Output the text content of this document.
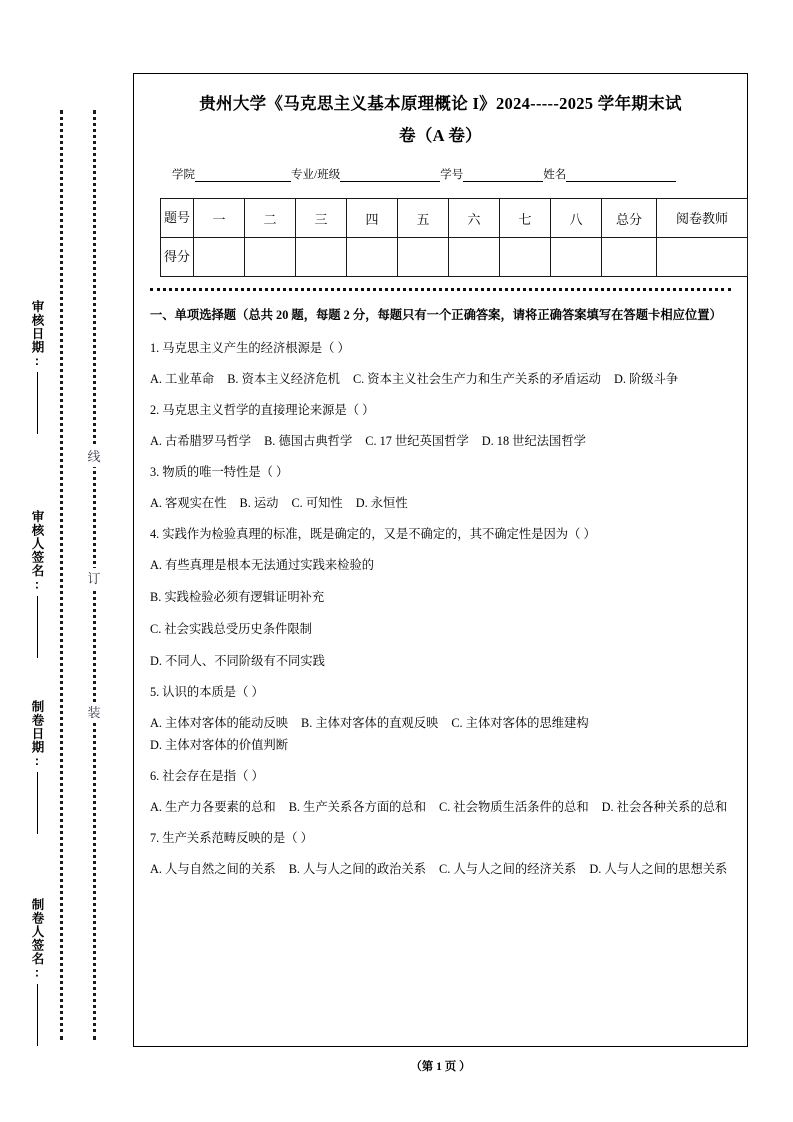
线
订
装
审核日期:
审核人签名:
制卷日期:
制卷人签名:
贵州大学《马克思主义基本原理概论 I》2024-----2025 学年期末试
卷（A 卷）
学院	专业/班级	学号	姓名
题号	一	二	三	四	五	六	七	八	总分	阅卷教师
得分										
一、单项选择题（总共 20 题，每题 2 分，每题只有一个正确答案，请将正确答案填写在答题卡相应位置）
1. 马克思主义产生的经济根源是（ ）
A. 工业革命 B. 资本主义经济危机 C. 资本主义社会生产力和生产关系的矛盾运动 D. 阶级斗争
2. 马克思主义哲学的直接理论来源是（ ）
A. 古希腊罗马哲学 B. 德国古典哲学 C. 17 世纪英国哲学 D. 18 世纪法国哲学
3. 物质的唯一特性是（ ）
A. 客观实在性 B. 运动 C. 可知性 D. 永恒性
4. 实践作为检验真理的标准，既是确定的，又是不确定的，其不确定性是因为（ ）
A. 有些真理是根本无法通过实践来检验的
B. 实践检验必须有逻辑证明补充
C. 社会实践总受历史条件限制
D. 不同人、不同阶级有不同实践
5. 认识的本质是（ ）
A. 主体对客体的能动反映 B. 主体对客体的直观反映 C. 主体对客体的思维建构D. 主体对客体的价值判断
6. 社会存在是指（ ）
A. 生产力各要素的总和 B. 生产关系各方面的总和 C. 社会物质生活条件的总和 D. 社会各种关系的总和
7. 生产关系范畴反映的是（ ）
A. 人与自然之间的关系 B. 人与人之间的政治关系 C. 人与人之间的经济关系 D. 人与人之间的思想关系
（第 1 页 ）
